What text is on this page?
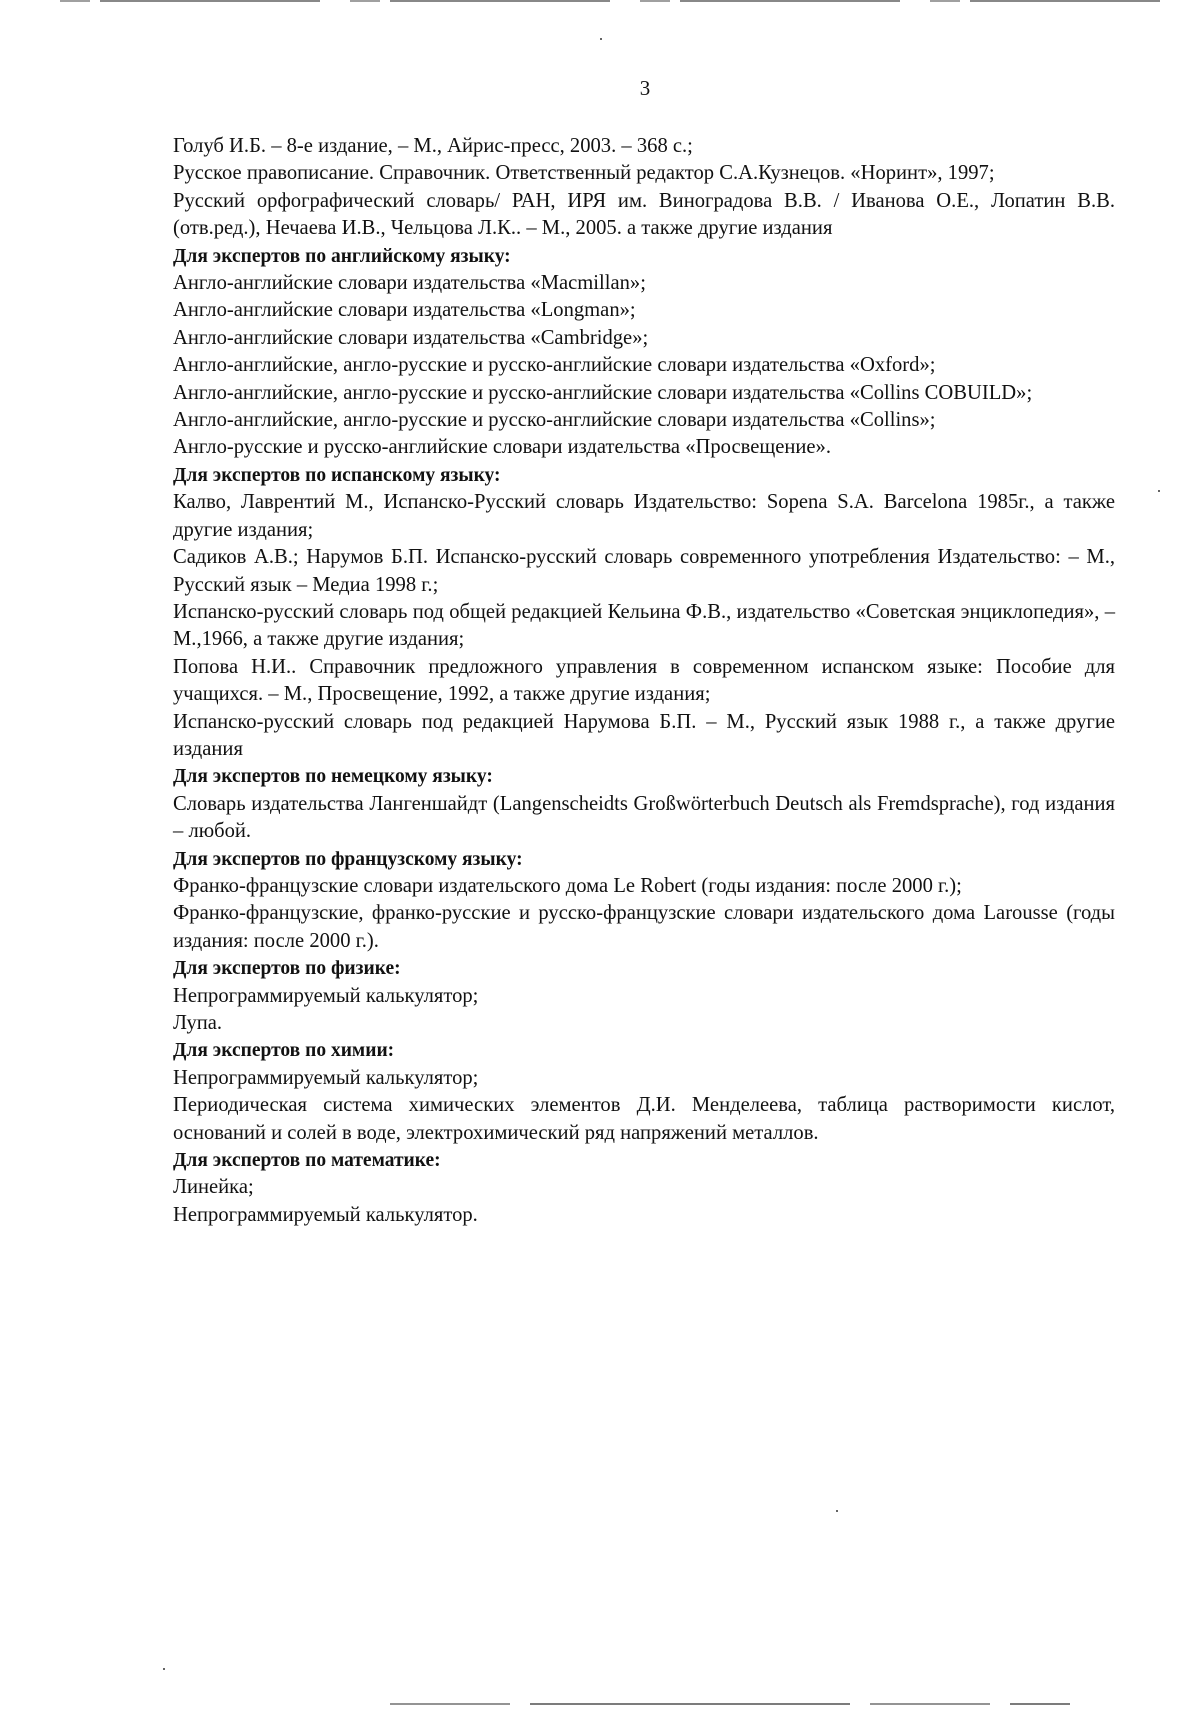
3

Голуб И.Б. – 8-е издание, – М., Айрис-пресс, 2003. – 368 с.;

Русское правописание. Справочник. Ответственный редактор С.А.Кузнецов. «Норинт», 1997;

Русский орфографический словарь/ РАН, ИРЯ им. Виноградова В.В. / Иванова О.Е., Лопатин В.В. (отв.ред.), Нечаева И.В., Чельцова Л.К.. – М., 2005. а также другие издания

Для экспертов по английскому языку:

Англо-английские словари издательства «Macmillan»;

Англо-английские словари издательства «Longman»;

Англо-английские словари издательства «Cambridge»;

Англо-английские, англо-русские и русско-английские словари издательства «Oxford»;

Англо-английские, англо-русские и русско-английские словари издательства «Collins COBUILD»;

Англо-английские, англо-русские и русско-английские словари издательства «Collins»;

Англо-русские и русско-английские словари издательства «Просвещение».

Для экспертов по испанскому языку:

Калво, Лаврентий М., Испанско-Русский словарь Издательство: Sopena S.A. Barcelona 1985г., а также другие издания;

Садиков А.В.; Нарумов Б.П. Испанско-русский словарь современного употребления Издательство: – М., Русский язык – Медиа 1998 г.;

Испанско-русский словарь под общей редакцией Кельина Ф.В., издательство «Советская энциклопедия», – М.,1966, а также другие издания;

Попова Н.И.. Справочник предложного управления в современном испанском языке: Пособие для учащихся. – М., Просвещение, 1992, а также другие издания;

Испанско-русский словарь под редакцией Нарумова Б.П. – М., Русский язык 1988 г., а также другие издания

Для экспертов по немецкому языку:

Словарь издательства Лангеншайдт (Langenscheidts Großwörterbuch Deutsch als Fremdsprache), год издания – любой.

Для экспертов по французскому языку:

Франко-французские словари издательского дома Le Robert (годы издания: после 2000 г.);

Франко-французские, франко-русские и русско-французские словари издательского дома Larousse (годы издания: после 2000 г.).

Для экспертов по физике:

Непрограммируемый калькулятор;

Лупа.

Для экспертов по химии:

Непрограммируемый калькулятор;

Периодическая система химических элементов Д.И. Менделеева, таблица растворимости кислот, оснований и солей в воде, электрохимический ряд напряжений металлов.

Для экспертов по математике:

Линейка;

Непрограммируемый калькулятор.
